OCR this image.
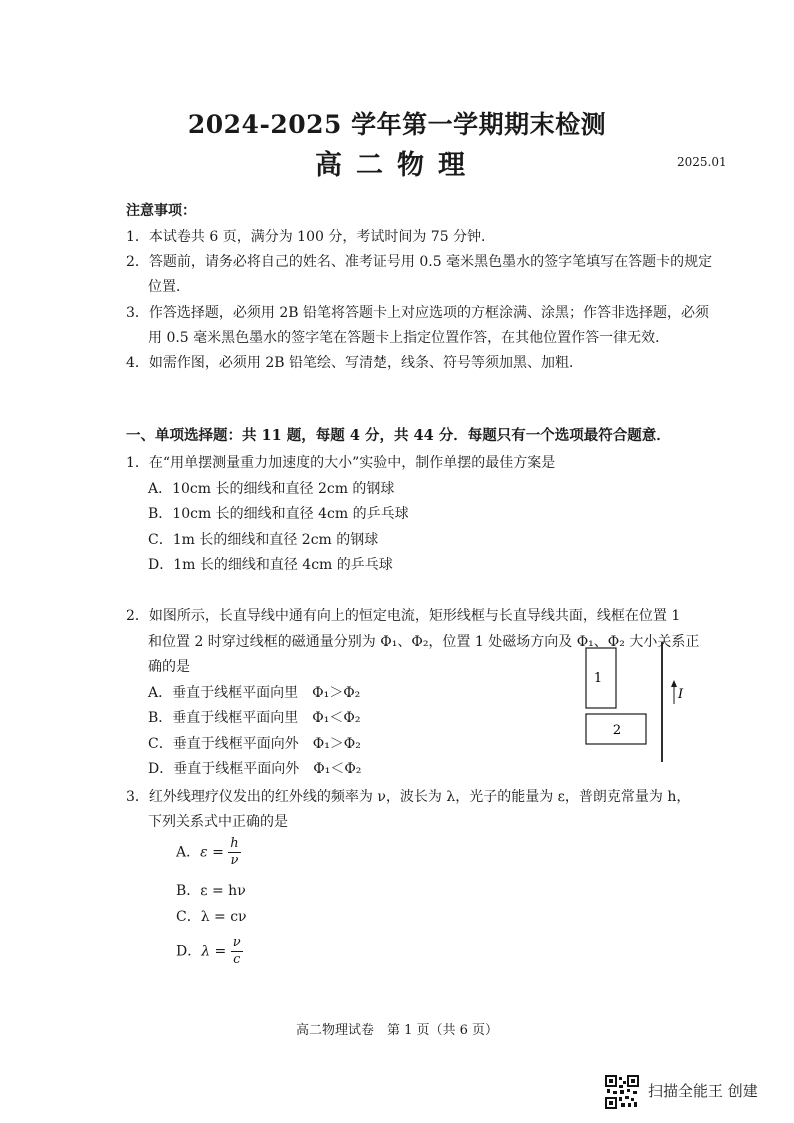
2024-2025 学年第一学期期末检测
高二物理	2025.01
注意事项：
1．本试卷共 6 页，满分为 100 分，考试时间为 75 分钟．
2．答题前，请务必将自己的姓名、准考证号用 0.5 毫米黑色墨水的签字笔填写在答题卡的规定
位置．
3．作答选择题，必须用 2B 铅笔将答题卡上对应选项的方框涂满、涂黑；作答非选择题，必须
用 0.5 毫米黑色墨水的签字笔在答题卡上指定位置作答，在其他位置作答一律无效．
4．如需作图，必须用 2B 铅笔绘、写清楚，线条、符号等须加黑、加粗．
一、单项选择题：共 11 题，每题 4 分，共 44 分．每题只有一个选项最符合题意．
1．在“用单摆测量重力加速度的大小”实验中，制作单摆的最佳方案是
A．10cm 长的细线和直径 2cm 的钢球
B．10cm 长的细线和直径 4cm 的乒乓球
C．1m 长的细线和直径 2cm 的钢球
D．1m 长的细线和直径 4cm 的乒乓球
2．如图所示，长直导线中通有向上的恒定电流，矩形线框与长直导线共面，线框在位置 1
和位置 2 时穿过线框的磁通量分别为 Φ₁、Φ₂，位置 1 处磁场方向及 Φ₁、Φ₂ 大小关系正
确的是
A．垂直于线框平面向里　Φ₁＞Φ₂
B．垂直于线框平面向里　Φ₁＜Φ₂
C．垂直于线框平面向外　Φ₁＞Φ₂
D．垂直于线框平面向外　Φ₁＜Φ₂
1
2
I
3．红外线理疗仪发出的红外线的频率为 ν，波长为 λ，光子的能量为 ε，普朗克常量为 h，
下列关系式中正确的是
A．$\varepsilon = \frac{h}{\nu}$
B．ε = hν
C．λ = cν
D．$\lambda = \frac{\nu}{c}$
高二物理试卷　第 1 页（共 6 页）
扫描全能王 创建
